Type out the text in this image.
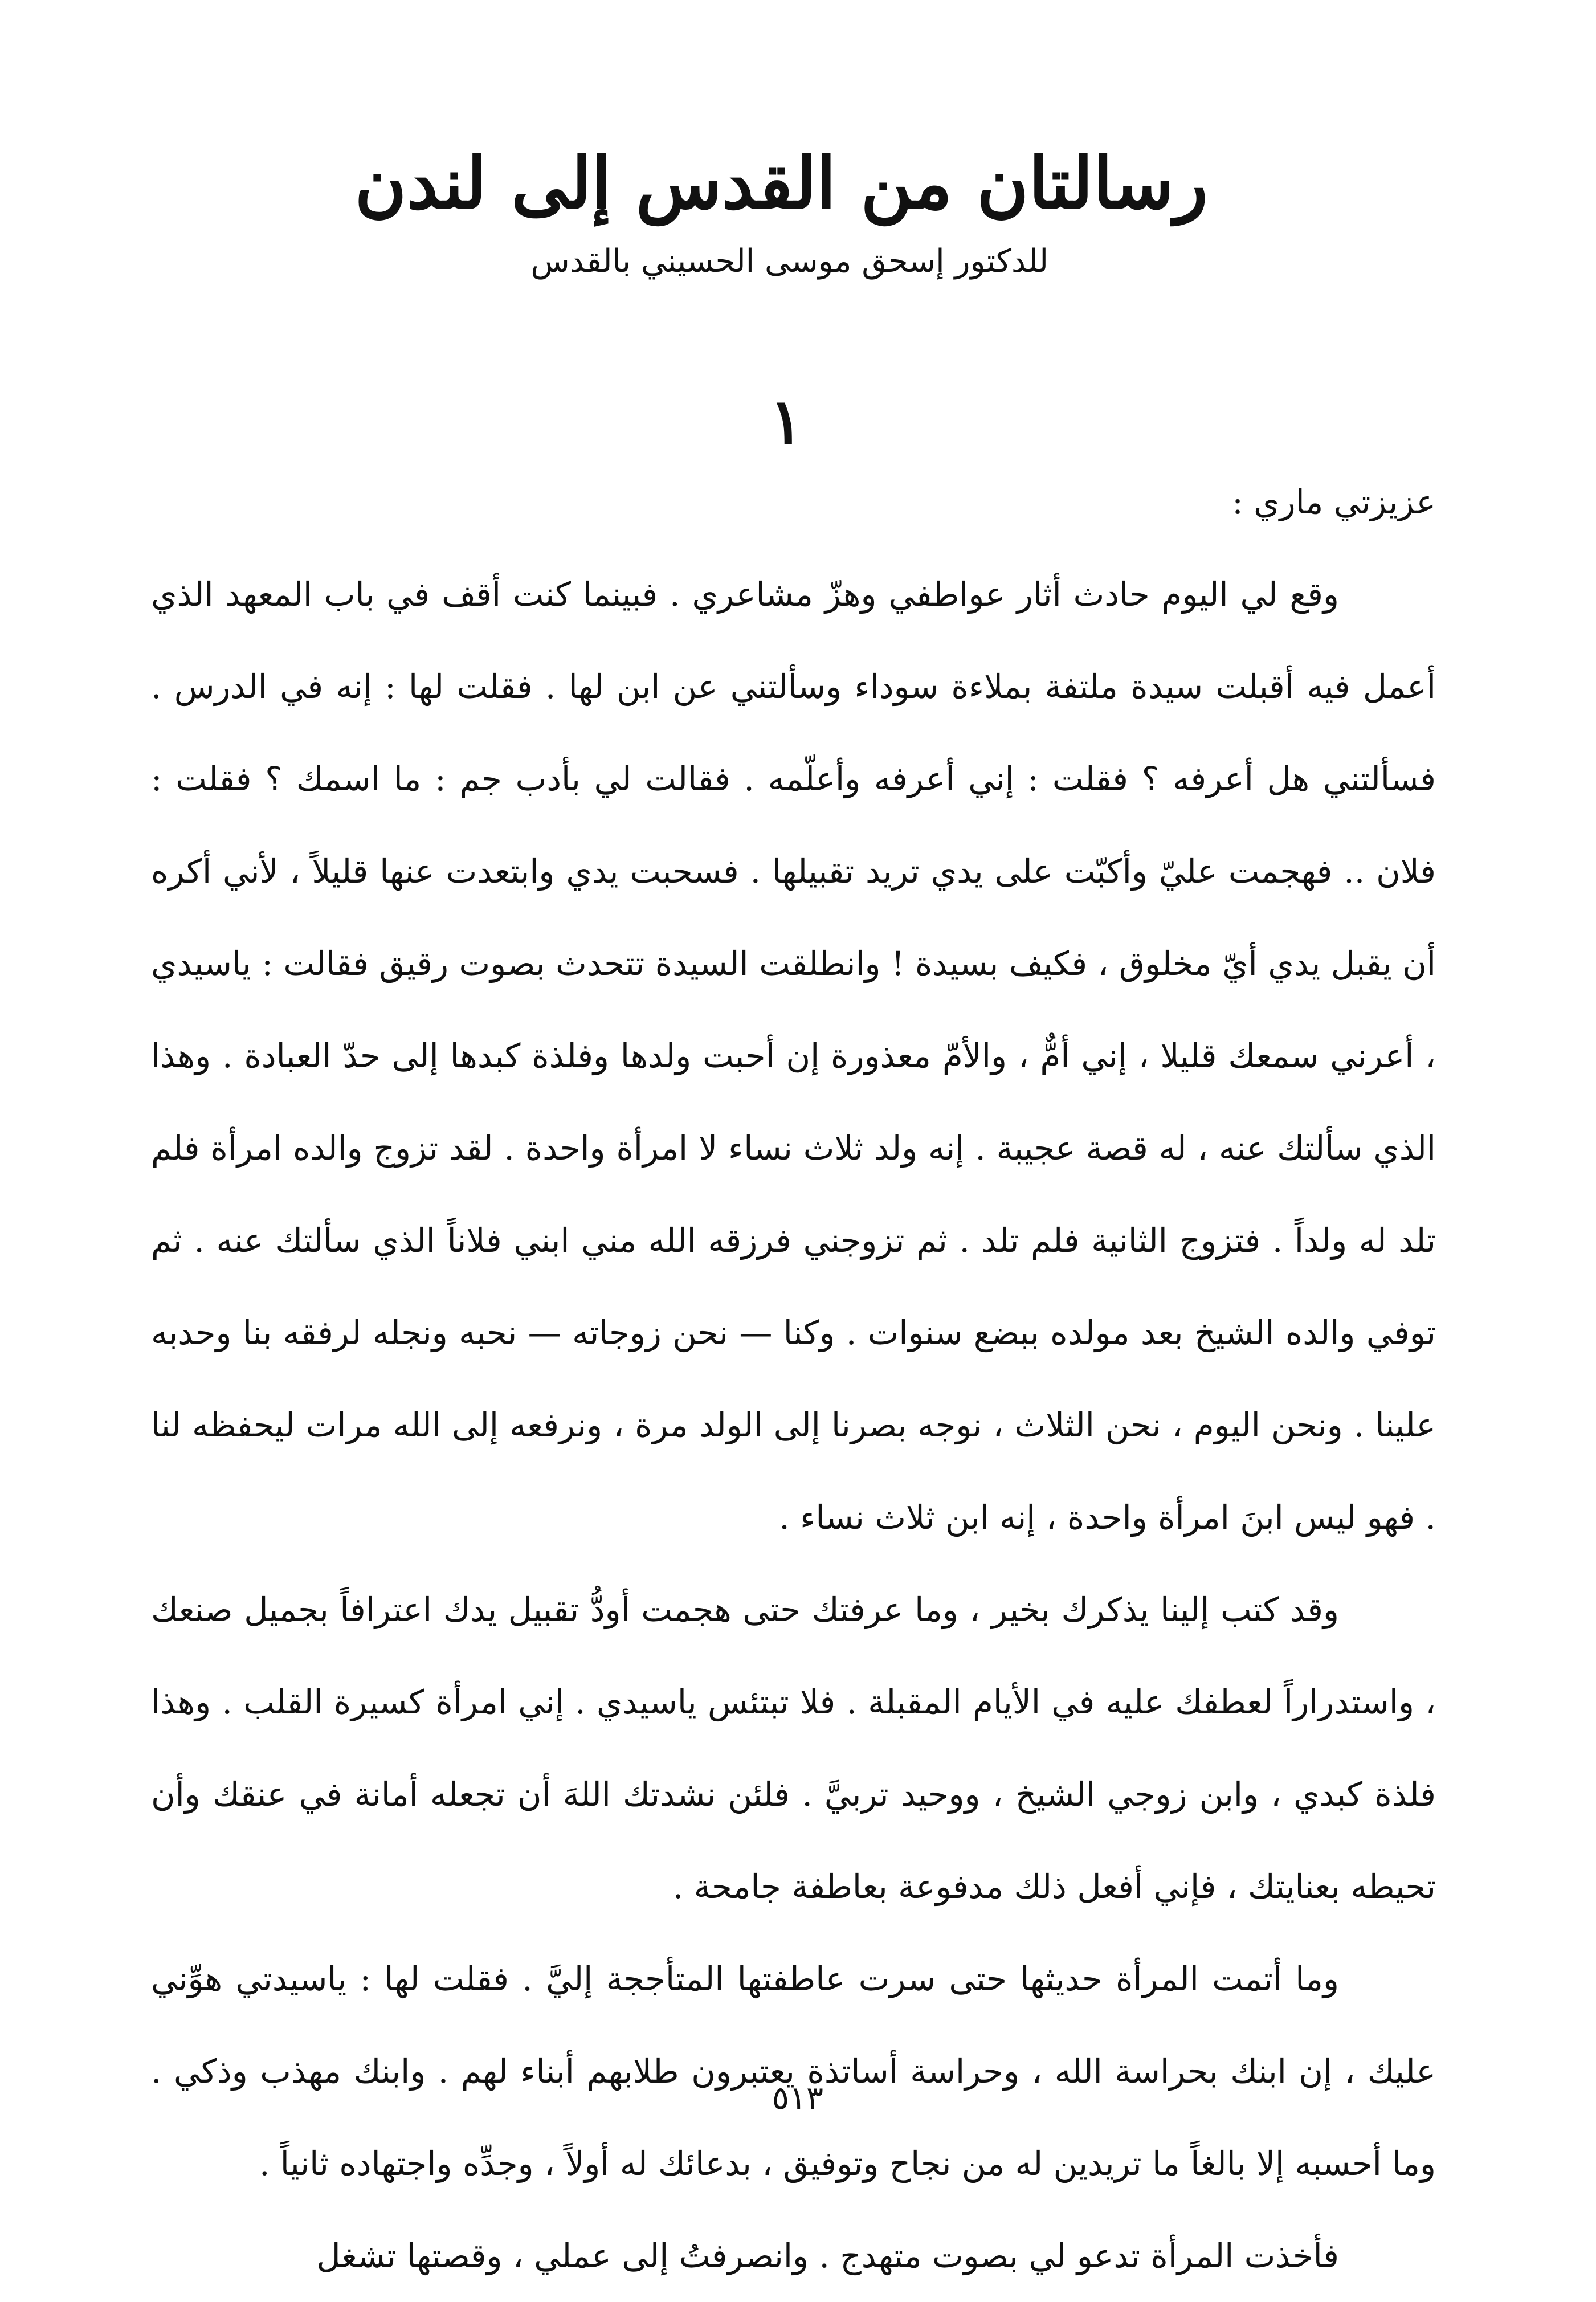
رسالتان من القدس إلى لندن
للدكتور إسحق موسى الحسيني بالقدس
١

عزيزتي ماري :

وقع لي اليوم حادث أثار عواطفي وهزّ مشاعري . فبينما كنت أقف في باب المعهد الذي أعمل فيه أقبلت سيدة ملتفة بملاءة سوداء وسألتني عن ابن لها . فقلت لها : إنه في الدرس . فسألتني هل أعرفه ؟ فقلت : إني أعرفه وأعلّمه . فقالت لي بأدب جم : ما اسمك ؟ فقلت : فلان .. فهجمت عليّ وأكبّت على يدي تريد تقبيلها . فسحبت يدي وابتعدت عنها قليلاً ، لأني أكره أن يقبل يدي أيّ مخلوق ، فكيف بسيدة ! وانطلقت السيدة تتحدث بصوت رقيق فقالت : ياسيدي ، أعرني سمعك قليلا ، إني أمٌّ ، والأمّ معذورة إن أحبت ولدها وفلذة كبدها إلى حدّ العبادة . وهذا الذي سألتك عنه ، له قصة عجيبة . إنه ولد ثلاث نساء لا امرأة واحدة . لقد تزوج والده امرأة فلم تلد له ولداً . فتزوج الثانية فلم تلد . ثم تزوجني فرزقه الله مني ابني فلاناً الذي سألتك عنه . ثم توفي والده الشيخ بعد مولده ببضع سنوات . وكنا — نحن زوجاته — نحبه ونجله لرفقه بنا وحدبه علينا . ونحن اليوم ، نحن الثلاث ، نوجه بصرنا إلى الولد مرة ، ونرفعه إلى الله مرات ليحفظه لنا . فهو ليس ابنَ امرأة واحدة ، إنه ابن ثلاث نساء .

وقد كتب إلينا يذكرك بخير ، وما عرفتك حتى هجمت أودُّ تقبيل يدك اعترافاً بجميل صنعك ، واستدراراً لعطفك عليه في الأيام المقبلة . فلا تبتئس ياسيدي . إني امرأة كسيرة القلب . وهذا فلذة كبدي ، وابن زوجي الشيخ ، ووحيد تربيَّ . فلئن نشدتك اللهَ أن تجعله أمانة في عنقك وأن تحيطه بعنايتك ، فإني أفعل ذلك مدفوعة بعاطفة جامحة .

وما أتمت المرأة حديثها حتى سرت عاطفتها المتأججة إليَّ . فقلت لها : ياسيدتي هوِّني عليك ، إن ابنك بحراسة الله ، وحراسة أساتذة يعتبرون طلابهم أبناء لهم . وابنك مهذب وذكي . وما أحسبه إلا بالغاً ما تريدين له من نجاح وتوفيق ، بدعائك له أولاً ، وجدِّه واجتهاده ثانياً .

فأخذت المرأة تدعو لي بصوت متهدج . وانصرفتُ إلى عملي ، وقصتها تشغل

٥١٣
